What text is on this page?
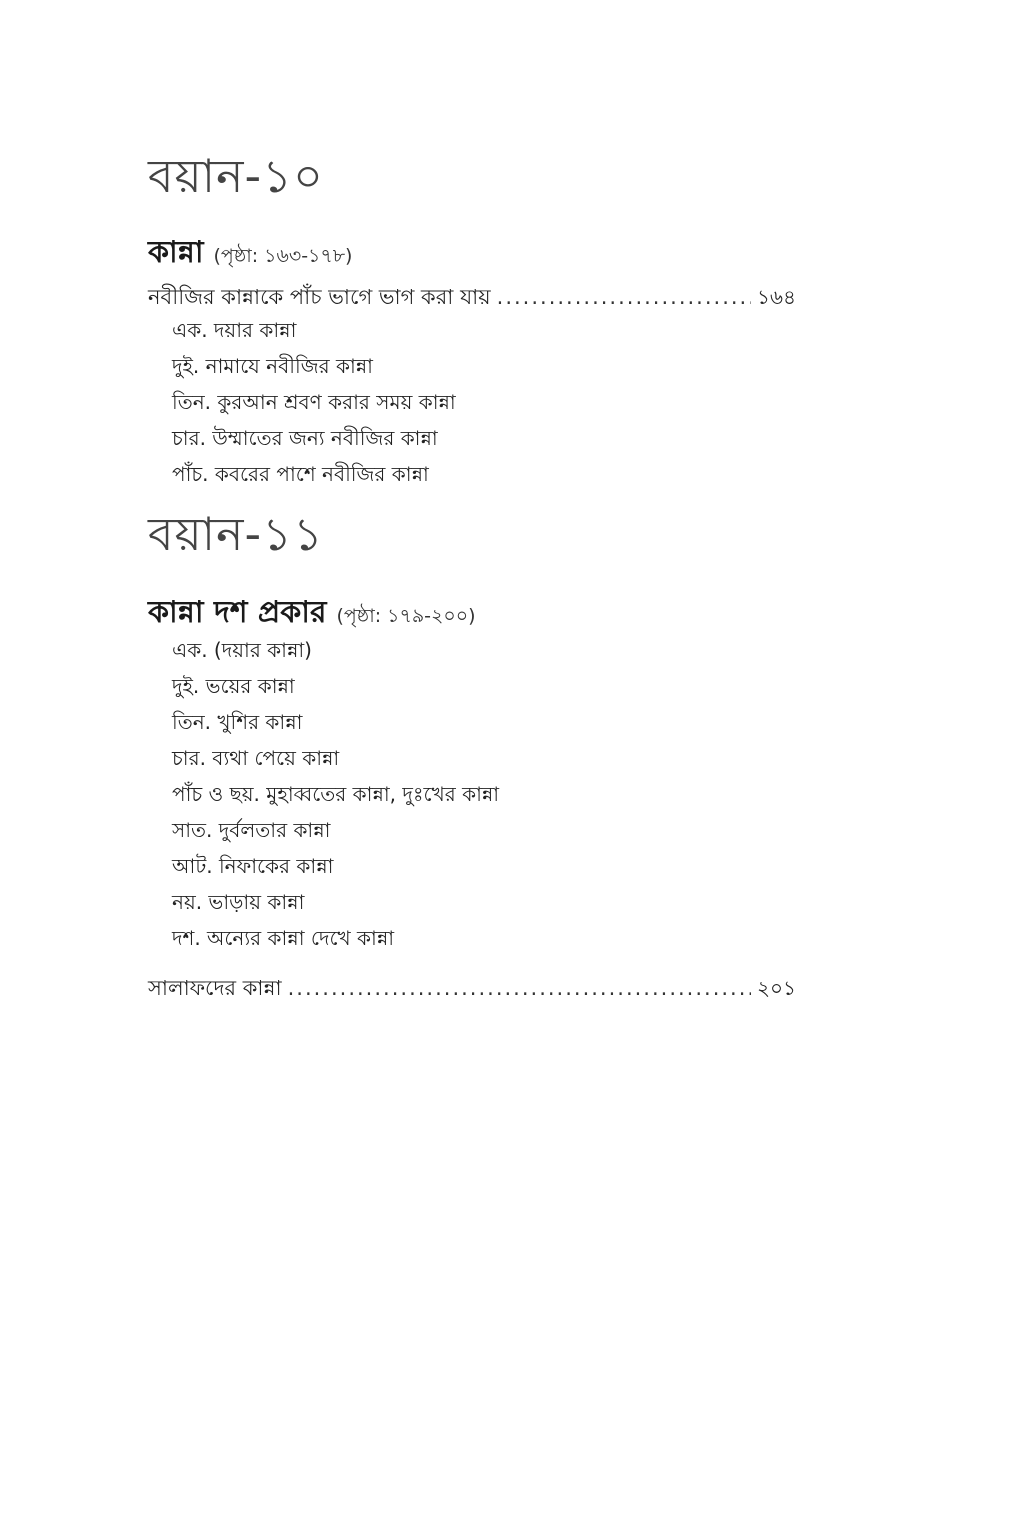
বয়ান-১০
কান্না (পৃষ্ঠা: ১৬৩-১৭৮)
নবীজির কান্নাকে পাঁচ ভাগে ভাগ করা যায় .....	১৬৪
এক. দয়ার কান্না
দুই. নামাযে নবীজির কান্না
তিন. কুরআন শ্রবণ করার সময় কান্না
চার. উম্মাতের জন্য নবীজির কান্না
পাঁচ. কবরের পাশে নবীজির কান্না
বয়ান-১১
কান্না দশ প্রকার (পৃষ্ঠা: ১৭৯-২০০)
এক. (দয়ার কান্না)
দুই. ভয়ের কান্না
তিন. খুশির কান্না
চার. ব্যথা পেয়ে কান্না
পাঁচ ও ছয়. মুহাব্বতের কান্না, দুঃখের কান্না
সাত. দুর্বলতার কান্না
আট. নিফাকের কান্না
নয়. ভাড়ায় কান্না
দশ. অন্যের কান্না দেখে কান্না
সালাফদের কান্না .....	২০১
